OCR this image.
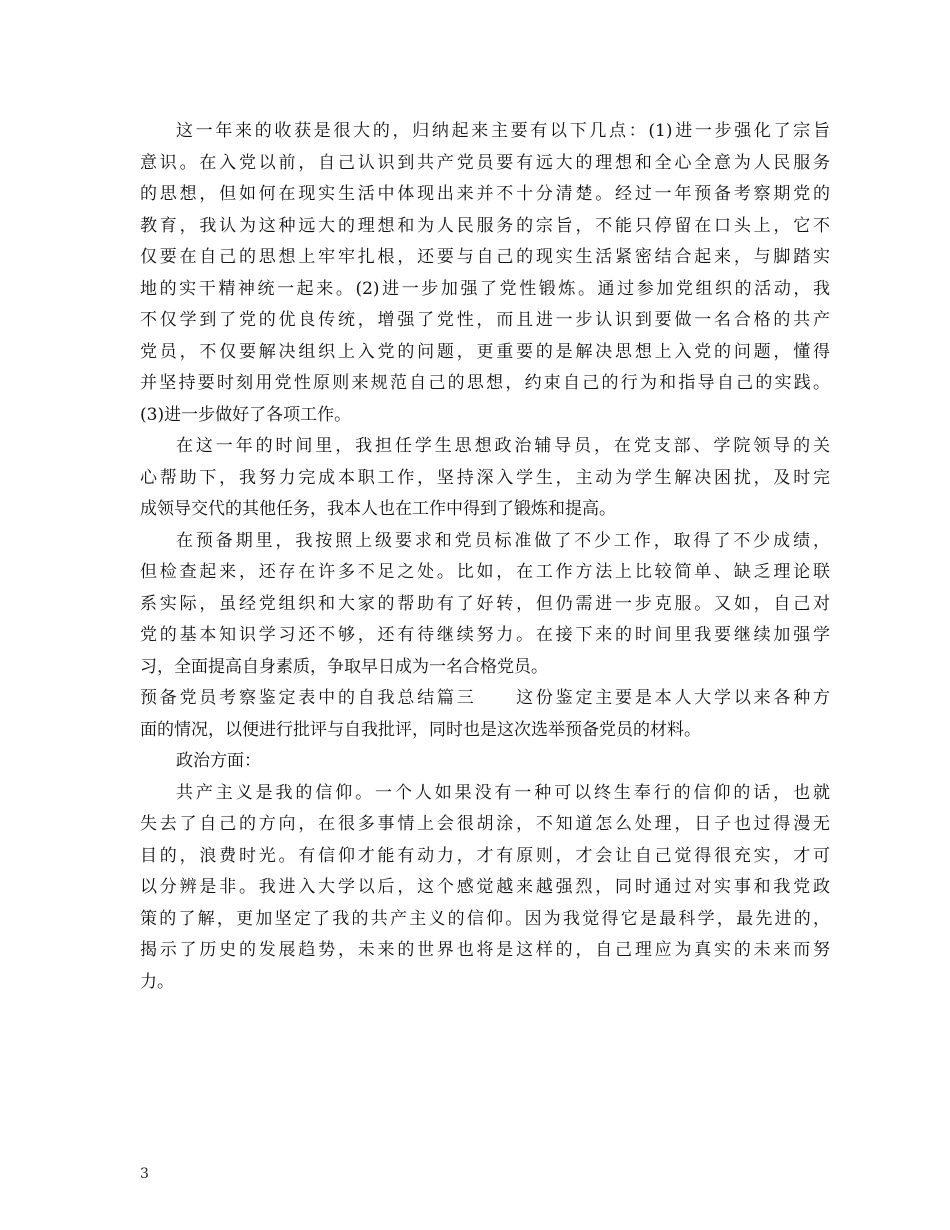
这一年来的收获是很大的，归纳起来主要有以下几点：(1)进一步强化了宗旨
意识。在入党以前，自己认识到共产党员要有远大的理想和全心全意为人民服务
的思想，但如何在现实生活中体现出来并不十分清楚。经过一年预备考察期党的
教育，我认为这种远大的理想和为人民服务的宗旨，不能只停留在口头上，它不
仅要在自己的思想上牢牢扎根，还要与自己的现实生活紧密结合起来，与脚踏实
地的实干精神统一起来。(2)进一步加强了党性锻炼。通过参加党组织的活动，我
不仅学到了党的优良传统，增强了党性，而且进一步认识到要做一名合格的共产
党员，不仅要解决组织上入党的问题，更重要的是解决思想上入党的问题，懂得
并坚持要时刻用党性原则来规范自己的思想，约束自己的行为和指导自己的实践。
(3)进一步做好了各项工作。
在这一年的时间里，我担任学生思想政治辅导员，在党支部、学院领导的关
心帮助下，我努力完成本职工作，坚持深入学生，主动为学生解决困扰，及时完
成领导交代的其他任务，我本人也在工作中得到了锻炼和提高。
在预备期里，我按照上级要求和党员标准做了不少工作，取得了不少成绩，
但检查起来，还存在许多不足之处。比如，在工作方法上比较简单、缺乏理论联
系实际，虽经党组织和大家的帮助有了好转，但仍需进一步克服。又如，自己对
党的基本知识学习还不够，还有待继续努力。在接下来的时间里我要继续加强学
习，全面提高自身素质，争取早日成为一名合格党员。
预备党员考察鉴定表中的自我总结篇三　　这份鉴定主要是本人大学以来各种方
面的情况，以便进行批评与自我批评，同时也是这次选举预备党员的材料。
政治方面：
共产主义是我的信仰。一个人如果没有一种可以终生奉行的信仰的话，也就
失去了自己的方向，在很多事情上会很胡涂，不知道怎么处理，日子也过得漫无
目的，浪费时光。有信仰才能有动力，才有原则，才会让自己觉得很充实，才可
以分辨是非。我进入大学以后，这个感觉越来越强烈，同时通过对实事和我党政
策的了解，更加坚定了我的共产主义的信仰。因为我觉得它是最科学，最先进的，
揭示了历史的发展趋势，未来的世界也将是这样的，自己理应为真实的未来而努
力。
3
